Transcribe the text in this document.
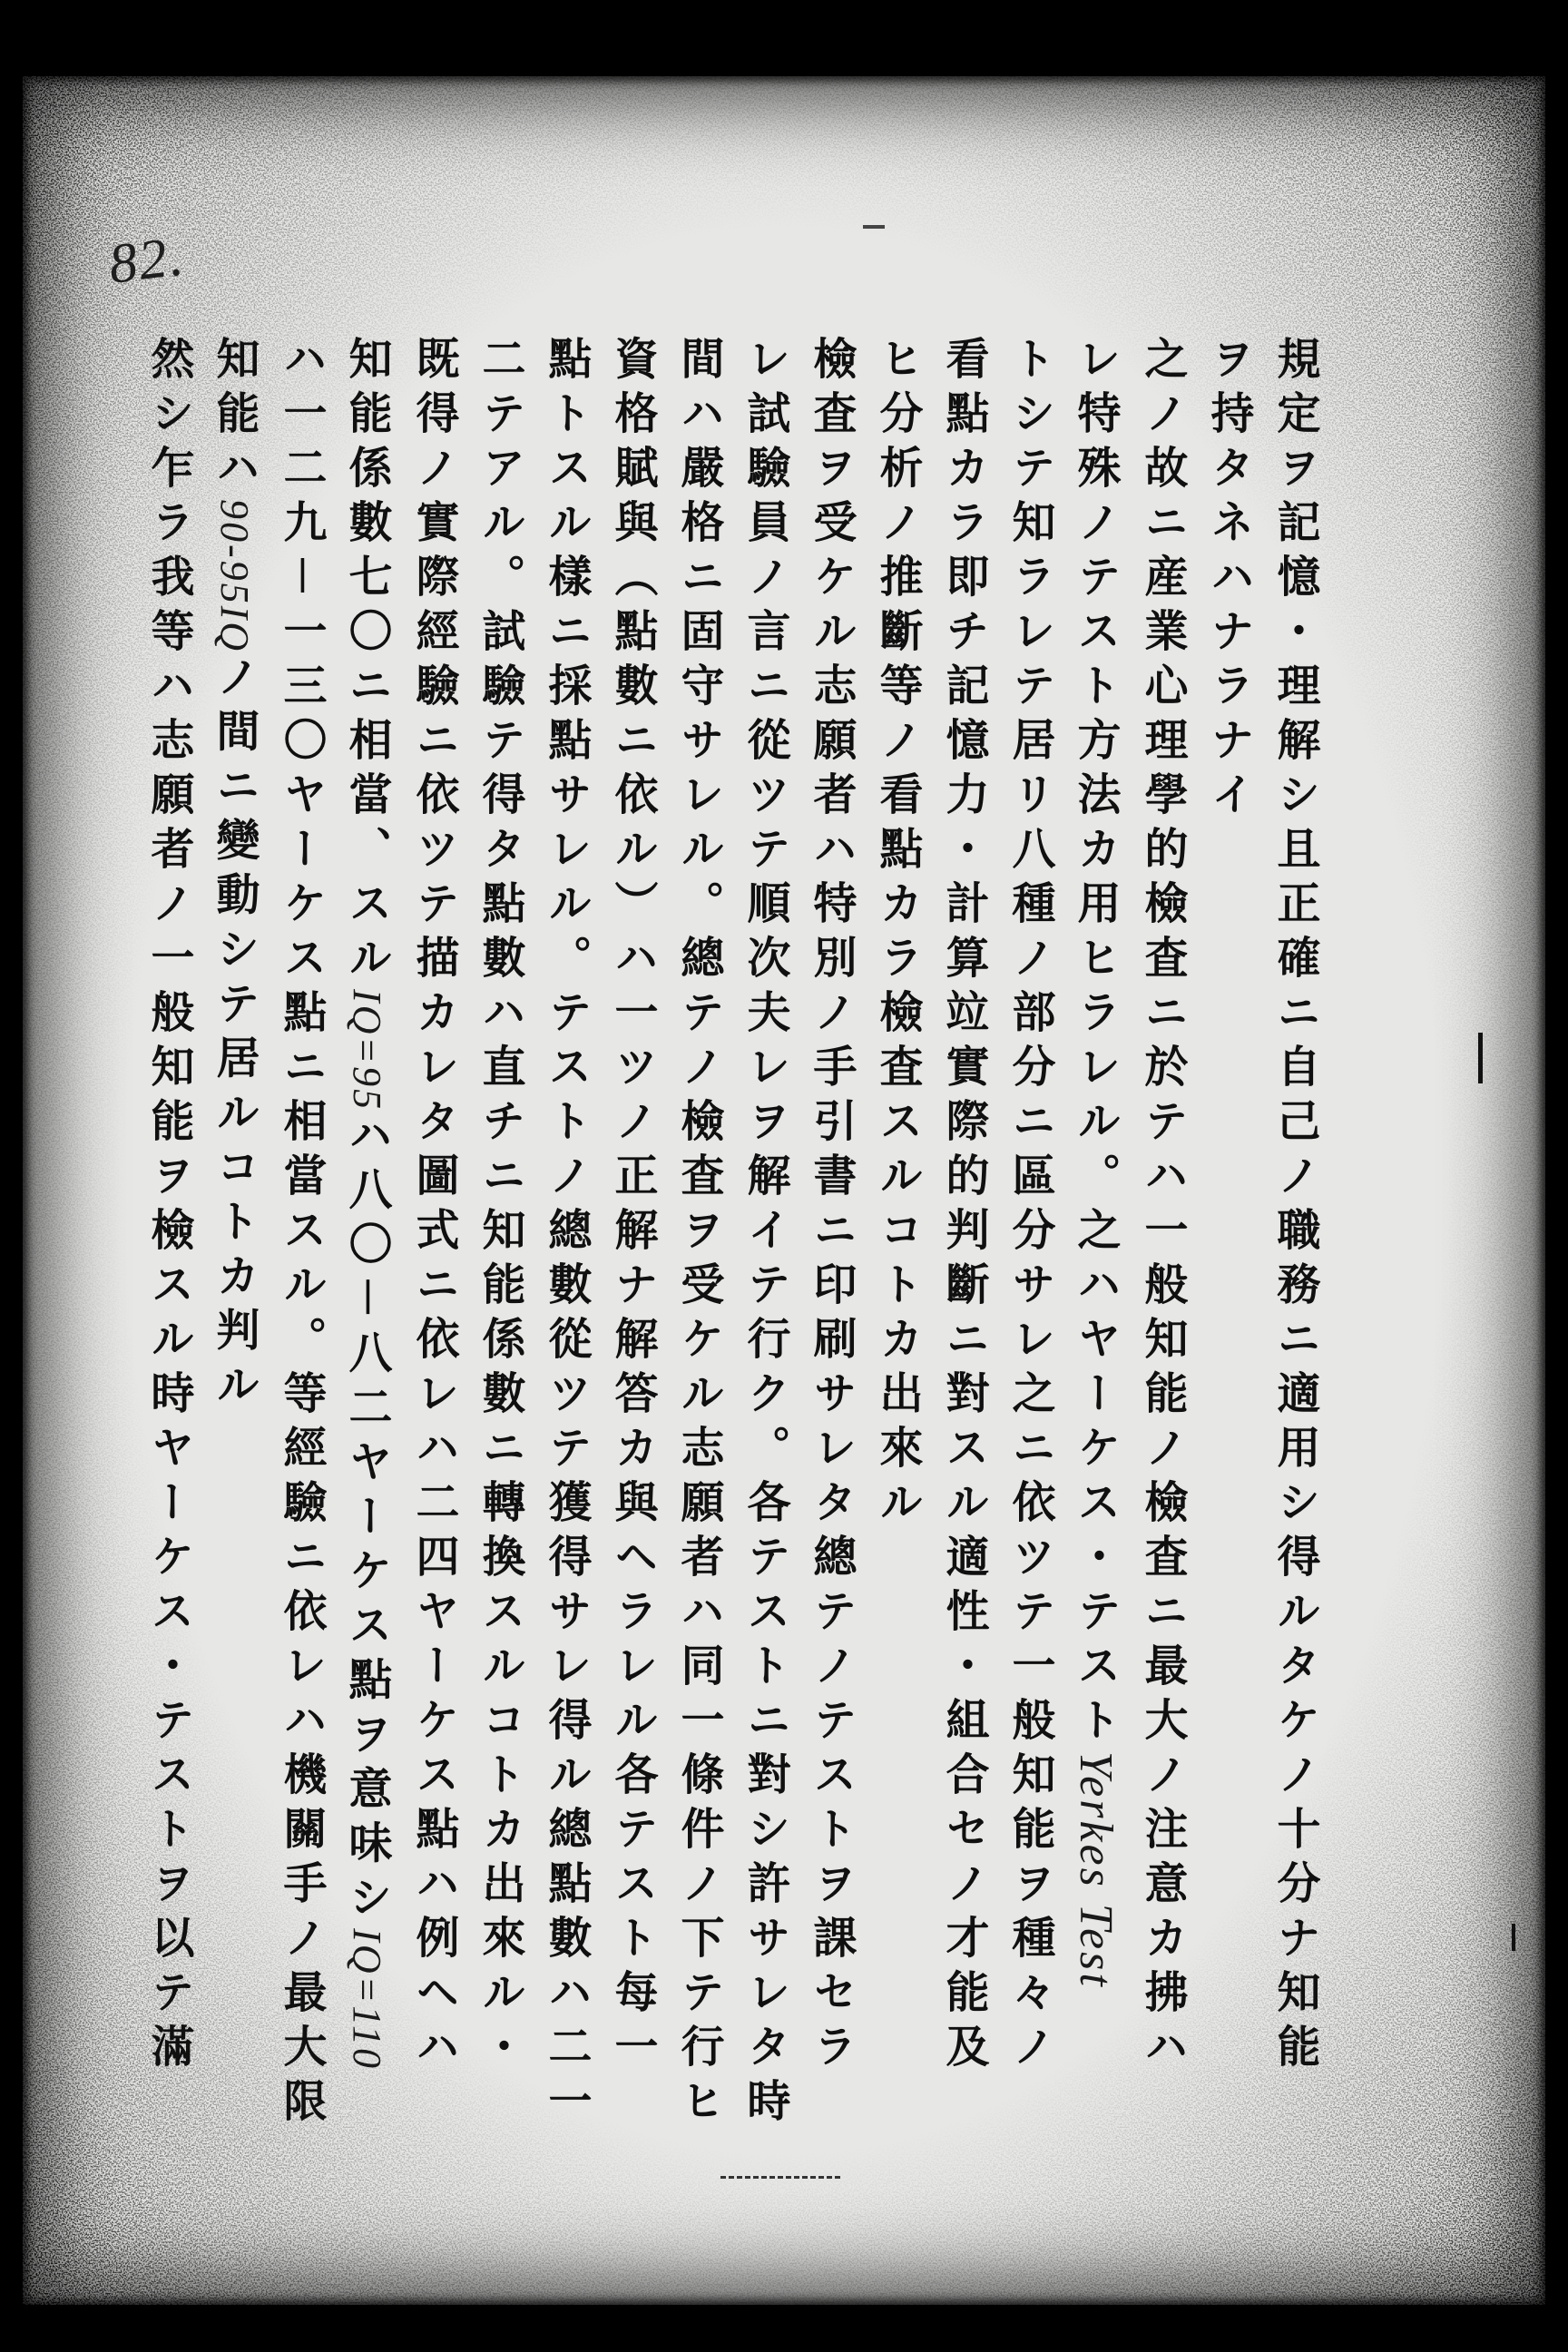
82.
規定ヲ記憶・理解シ且正確ニ自己ノ職務ニ適用シ得ルタケノ十分ナ知能
ヲ持タネハナラナイ
之ノ故ニ産業心理學的檢査ニ於テハ一般知能ノ檢査ニ最大ノ注意カ拂ハ
レ特殊ノテスト方法カ用ヒラレル。之ハヤーケス・テストYerkes Test
トシテ知ラレテ居リ八種ノ部分ニ區分サレ之ニ依ツテ一般知能ヲ種々ノ
看點カラ即チ記憶力・計算竝實際的判斷ニ對スル適性・組合セノ才能及
ヒ分析ノ推斷等ノ看點カラ檢査スルコトカ出來ル
檢査ヲ受ケル志願者ハ特別ノ手引書ニ印刷サレタ總テノテストヲ課セラ
レ試驗員ノ言ニ從ツテ順次夫レヲ解イテ行ク。各テストニ對シ許サレタ時
間ハ嚴格ニ固守サレル。總テノ檢査ヲ受ケル志願者ハ同一條件ノ下テ行ヒ
資格賦與（點數ニ依ル）ハ一ツノ正解ナ解答カ與ヘラレル各テスト每一
點トスル樣ニ採點サレル。テストノ總數從ツテ獲得サレ得ル總點數ハ二一
二テアル。試驗テ得タ點數ハ直チニ知能係數ニ轉換スルコトカ出來ル・
既得ノ實際經驗ニ依ツテ描カレタ圖式ニ依レハ二四ヤーケス點ハ例ヘハ
知能係數七〇ニ相當、スルIQ=95ハ八〇－八二ヤーケス點ヲ意味シIQ=110
ハ一二九－一三〇ヤーケス點ニ相當スル。等經驗ニ依レハ機關手ノ最大限
知能ハ90-95IQノ間ニ變動シテ居ルコトカ判ル
然シ乍ラ我等ハ志願者ノ一般知能ヲ檢スル時ヤーケス・テストヲ以テ滿
